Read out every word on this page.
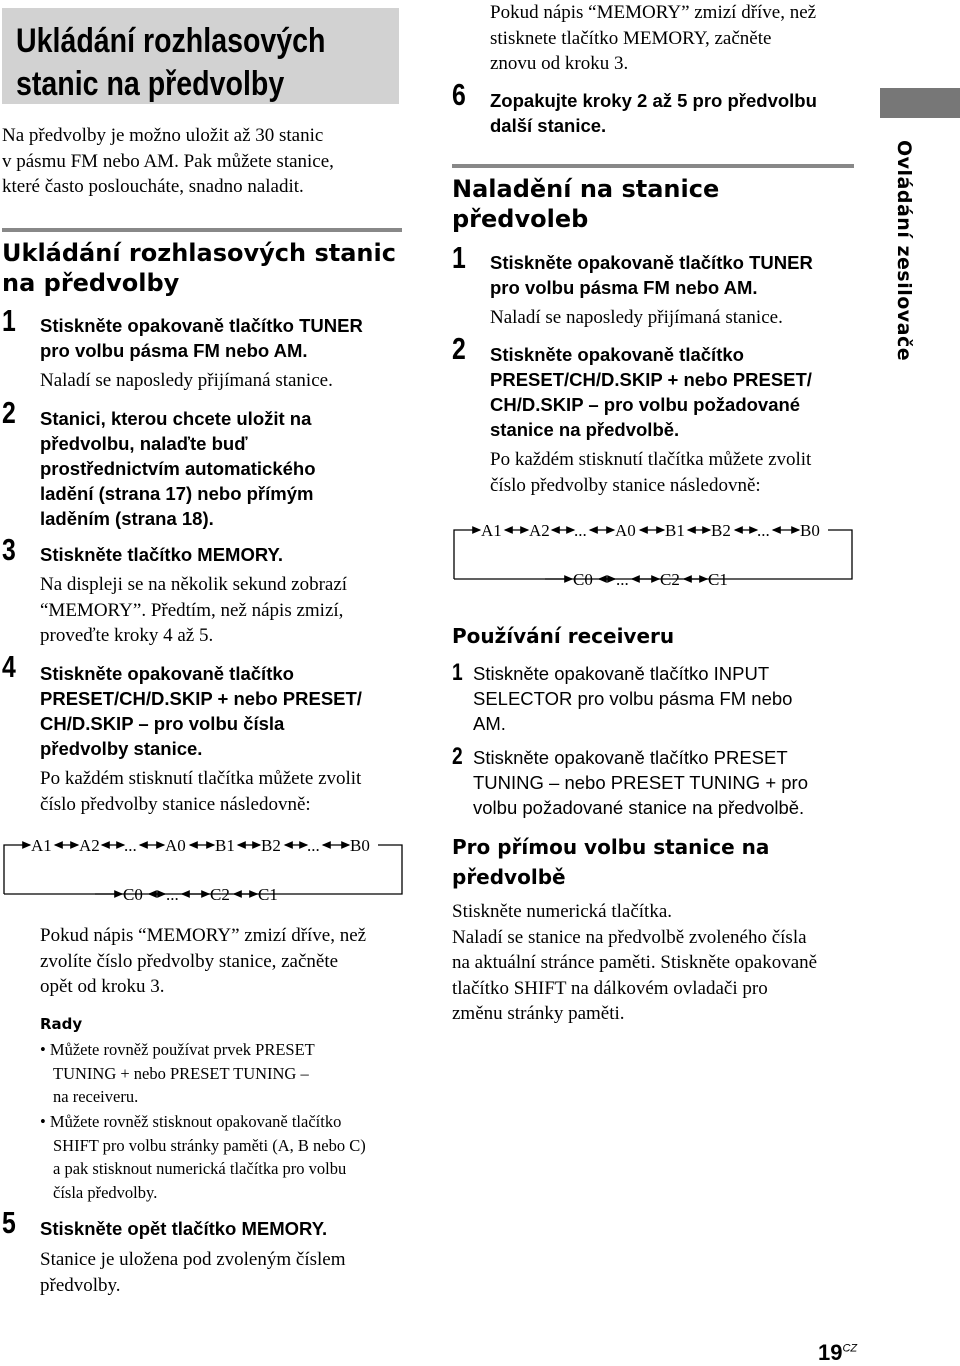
Ukládání rozhlasových
stanic na předvolby
Na předvolby je možno uložit až 30 stanic
v pásmu FM nebo AM. Pak můžete stanice,
které často posloucháte, snadno naladit.
Ukládání rozhlasových stanic
na předvolby
1 Stiskněte opakovaně tlačítko TUNER
pro volbu pásma FM nebo AM.
Naladí se naposledy přijímaná stanice.
2 Stanici, kterou chcete uložit na
předvolbu, nalaďte buď
prostřednictvím automatického
ladění (strana 17) nebo přímým
laděním (strana 18).
3 Stiskněte tlačítko MEMORY.
Na displeji se na několik sekund zobrazí
“MEMORY”. Předtím, než nápis zmizí,
proveďte kroky 4 až 5.
4 Stiskněte opakovaně tlačítko
PRESET/CH/D.SKIP + nebo PRESET/
CH/D.SKIP – pro volbu čísla
předvolby stanice.
Po každém stisknutí tlačítka můžete zvolit
číslo předvolby stanice následovně:
A1 A2 ... A0 B1 B2 ... B0
C0 ... C2 C1
Pokud nápis “MEMORY” zmizí dříve, než
zvolíte číslo předvolby stanice, začněte
opět od kroku 3.
Rady
• Můžete rovněž používat prvek PRESET
TUNING + nebo PRESET TUNING –
na receiveru.
• Můžete rovněž stisknout opakovaně tlačítko
SHIFT pro volbu stránky paměti (A, B nebo C)
a pak stisknout numerická tlačítka pro volbu
čísla předvolby.
5 Stiskněte opět tlačítko MEMORY.
Stanice je uložena pod zvoleným číslem
předvolby.
Pokud nápis “MEMORY” zmizí dříve, než
stisknete tlačítko MEMORY, začněte
znovu od kroku 3.
6 Zopakujte kroky 2 až 5 pro předvolbu
další stanice.
Naladění na stanice
předvoleb
1 Stiskněte opakovaně tlačítko TUNER
pro volbu pásma FM nebo AM.
Naladí se naposledy přijímaná stanice.
2 Stiskněte opakovaně tlačítko
PRESET/CH/D.SKIP + nebo PRESET/
CH/D.SKIP – pro volbu požadované
stanice na předvolbě.
Po každém stisknutí tlačítka můžete zvolit
číslo předvolby stanice následovně:
A1 A2 ... A0 B1 B2 ... B0
C0 ... C2 C1
Používání receiveru
1 Stiskněte opakovaně tlačítko INPUT
SELECTOR pro volbu pásma FM nebo
AM.
2 Stiskněte opakovaně tlačítko PRESET
TUNING – nebo PRESET TUNING + pro
volbu požadované stanice na předvolbě.
Pro přímou volbu stanice na
předvolbě
Stiskněte numerická tlačítka.
Naladí se stanice na předvolbě zvoleného čísla
na aktuální stránce paměti. Stiskněte opakovaně
tlačítko SHIFT na dálkovém ovladači pro
změnu stránky paměti.
Ovládání zesilovače
$19^{CZ}$
